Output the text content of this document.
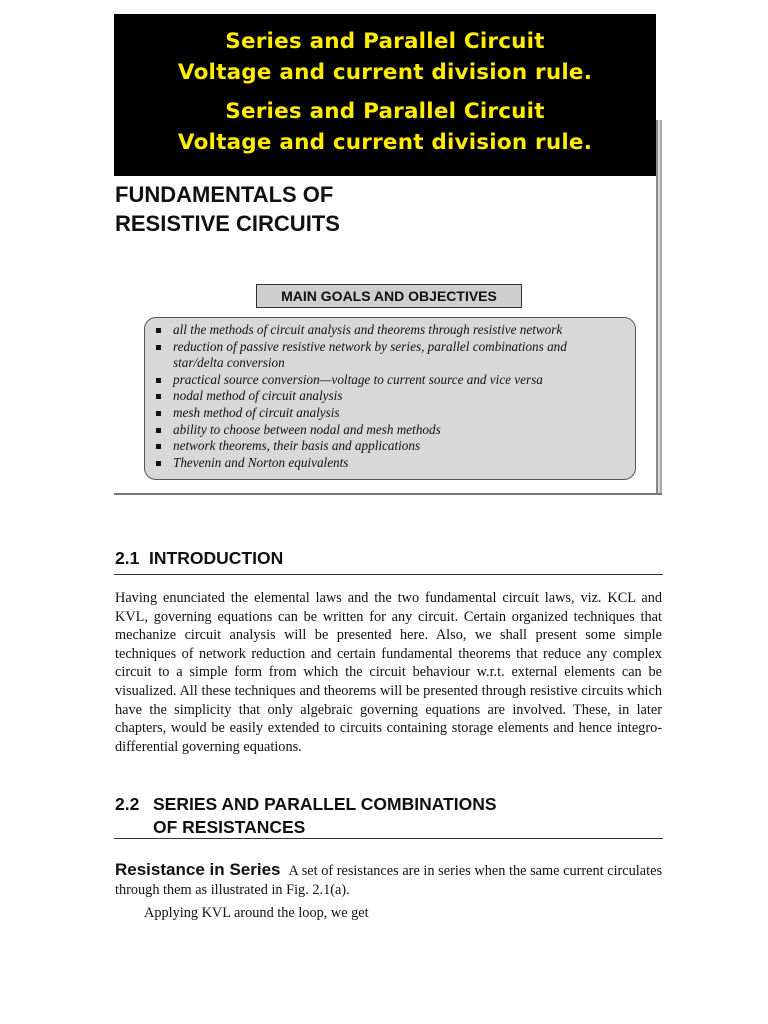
Series and Parallel Circuit
Voltage and current division rule.
Series and Parallel Circuit
Voltage and current division rule.
FUNDAMENTALS OF
RESISTIVE CIRCUITS
MAIN GOALS AND OBJECTIVES
all the methods of circuit analysis and theorems through resistive network
reduction of passive resistive network by series, parallel combinations and star/delta conversion
practical source conversion—voltage to current source and vice versa
nodal method of circuit analysis
mesh method of circuit analysis
ability to choose between nodal and mesh methods
network theorems, their basis and applications
Thevenin and Norton equivalents
2.1  INTRODUCTION
Having enunciated the elemental laws and the two fundamental circuit laws, viz. KCL and KVL, governing equations can be written for any circuit. Certain organized techniques that mechanize circuit analysis will be presented here. Also, we shall present some simple techniques of network reduction and certain fundamental theorems that reduce any complex circuit to a simple form from which the circuit behaviour w.r.t. external elements can be visualized. All these techniques and theorems will be presented through resistive circuits which have the simplicity that only algebraic governing equations are involved. These, in later chapters, would be easily extended to circuits containing storage elements and hence integro-differential governing equations.
2.2 SERIES AND PARALLEL COMBINATIONS
OF RESISTANCES
Resistance in Series A set of resistances are in series when the same current circulates through them as illustrated in Fig. 2.1(a).
Applying KVL around the loop, we get
